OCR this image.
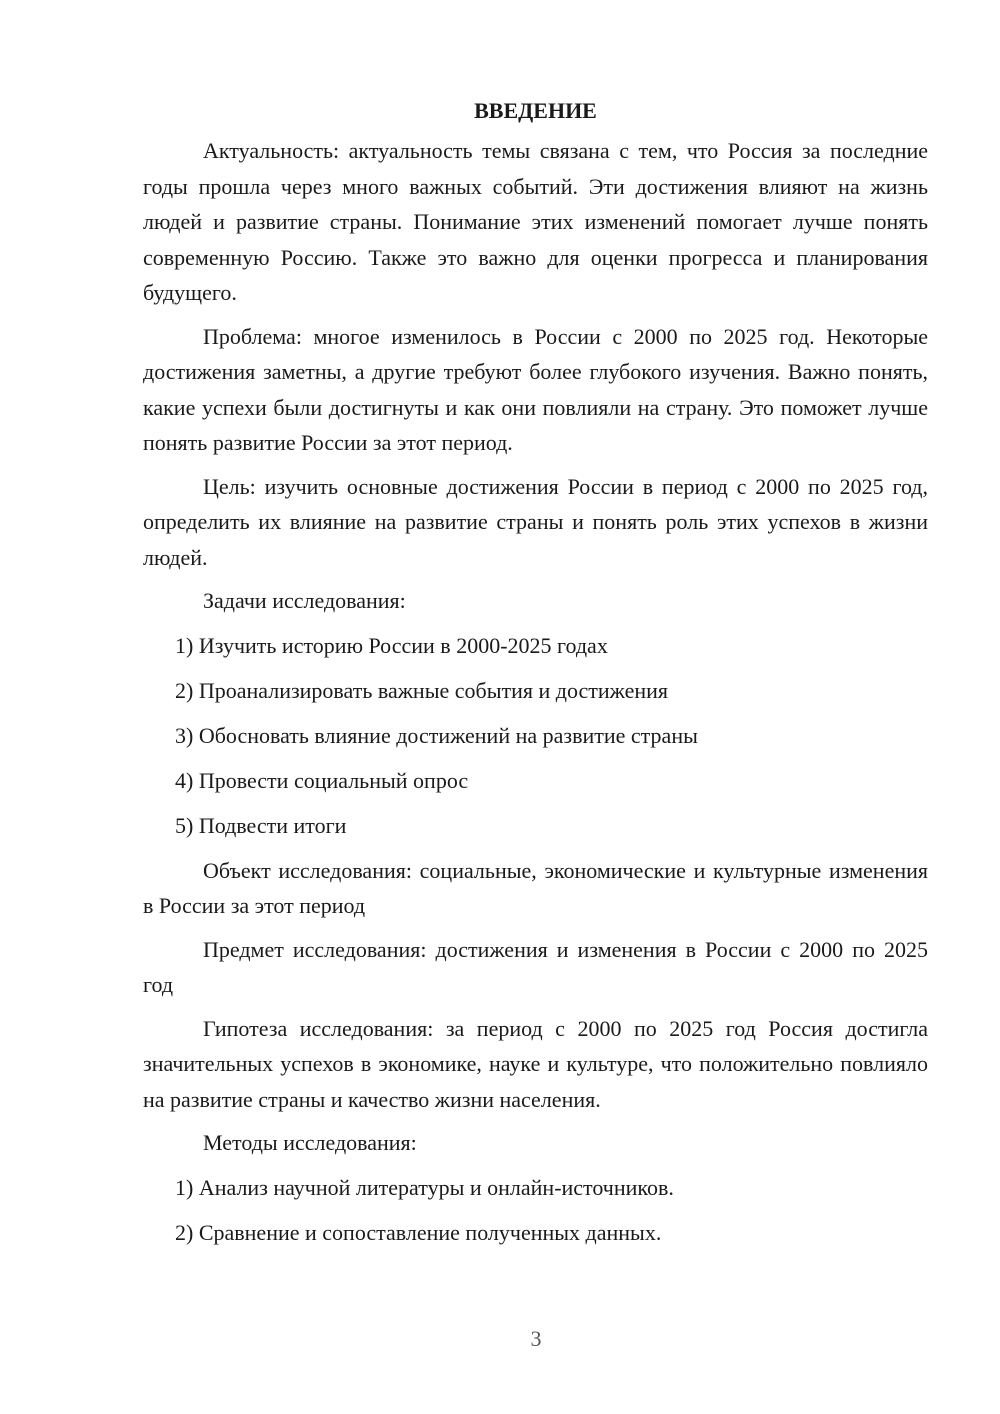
ВВЕДЕНИЕ

Актуальность: актуальность темы связана с тем, что Россия за последние годы прошла через много важных событий. Эти достижения влияют на жизнь людей и развитие страны. Понимание этих изменений помогает лучше понять современную Россию. Также это важно для оценки прогресса и планирования будущего.

Проблема: многое изменилось в России с 2000 по 2025 год. Некоторые достижения заметны, а другие требуют более глубокого изучения. Важно понять, какие успехи были достигнуты и как они повлияли на страну. Это поможет лучше понять развитие России за этот период.

Цель: изучить основные достижения России в период с 2000 по 2025 год, определить их влияние на развитие страны и понять роль этих успехов в жизни людей.

Задачи исследования:

1) Изучить историю России в 2000-2025 годах
2) Проанализировать важные события и достижения
3) Обосновать влияние достижений на развитие страны
4) Провести социальный опрос
5) Подвести итоги

Объект исследования: социальные, экономические и культурные изменения в России за этот период

Предмет исследования: достижения и изменения в России с 2000 по 2025 год

Гипотеза исследования: за период с 2000 по 2025 год Россия достигла значительных успехов в экономике, науке и культуре, что положительно повлияло на развитие страны и качество жизни населения.

Методы исследования:

1) Анализ научной литературы и онлайн-источников.
2) Сравнение и сопоставление полученных данных.
3
